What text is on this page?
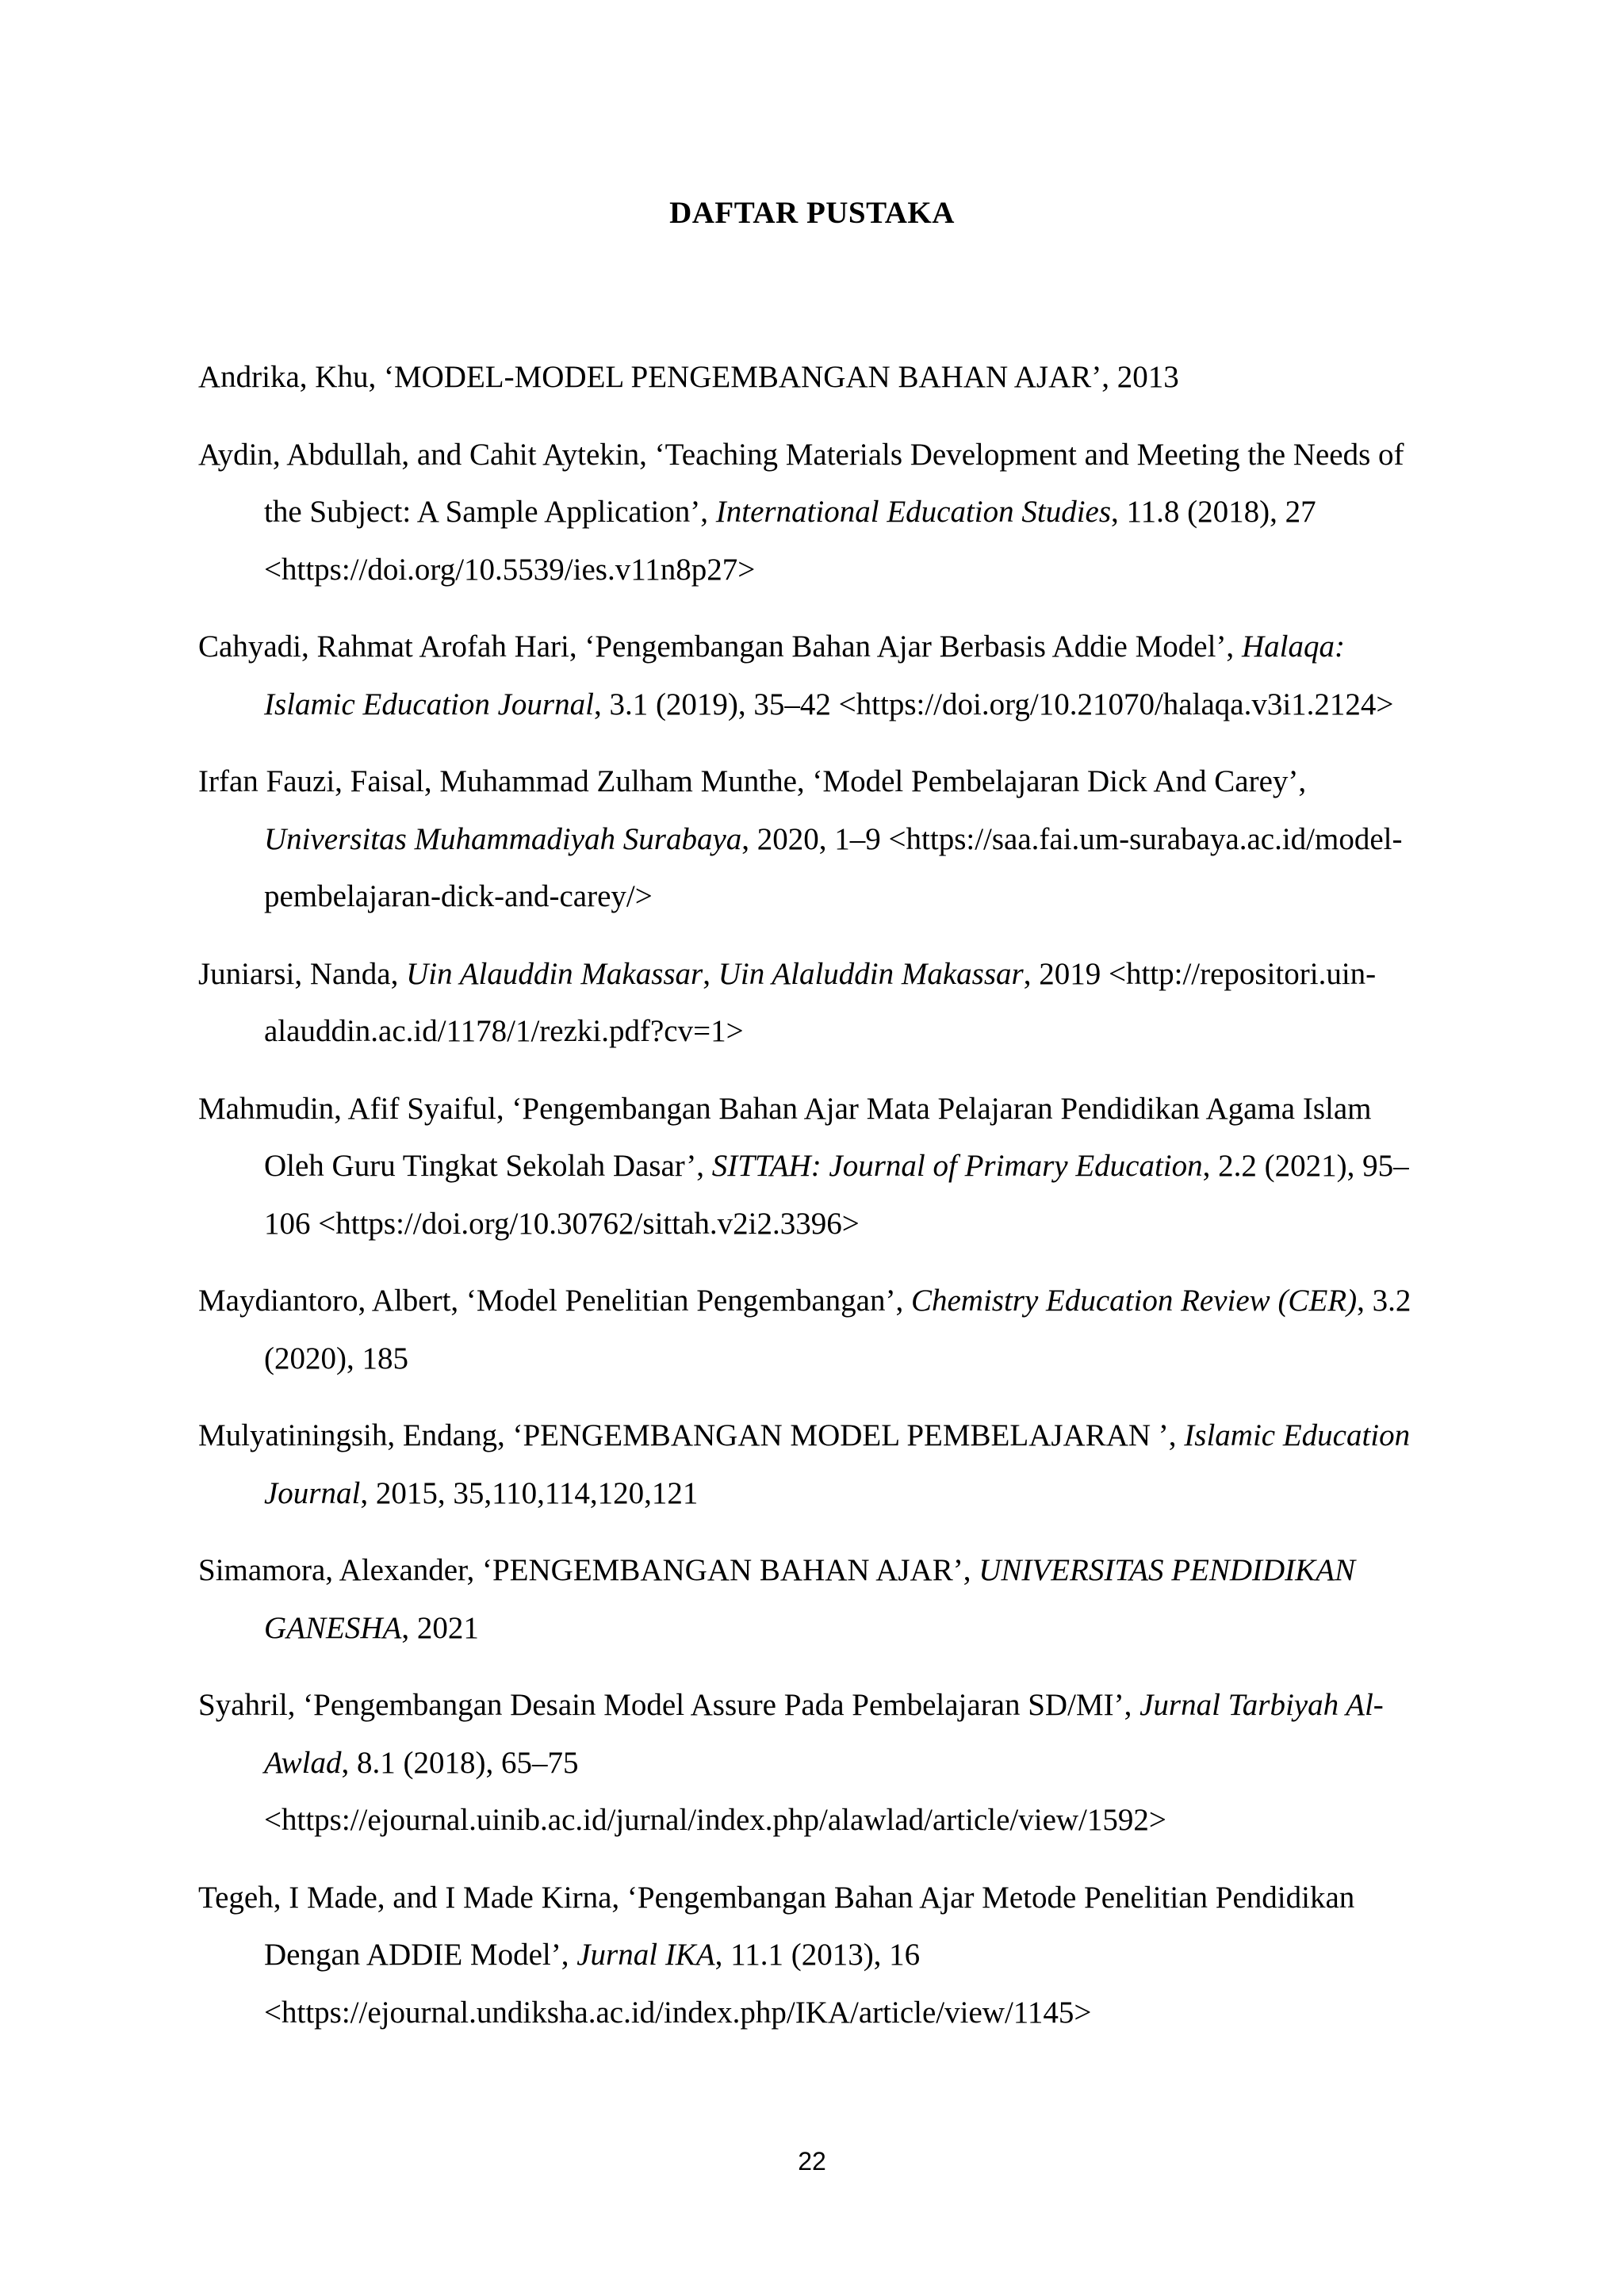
DAFTAR PUSTAKA

Andrika, Khu, ‘MODEL-MODEL PENGEMBANGAN BAHAN AJAR’, 2013

Aydin, Abdullah, and Cahit Aytekin, ‘Teaching Materials Development and Meeting the Needs of the Subject: A Sample Application’, International Education Studies, 11.8 (2018), 27 <https://doi.org/10.5539/ies.v11n8p27>

Cahyadi, Rahmat Arofah Hari, ‘Pengembangan Bahan Ajar Berbasis Addie Model’, Halaqa: Islamic Education Journal, 3.1 (2019), 35–42 <https://doi.org/10.21070/halaqa.v3i1.2124>

Irfan Fauzi, Faisal, Muhammad Zulham Munthe, ‘Model Pembelajaran Dick And Carey’, Universitas Muhammadiyah Surabaya, 2020, 1–9 <https://saa.fai.um-surabaya.ac.id/model-pembelajaran-dick-and-carey/>

Juniarsi, Nanda, Uin Alauddin Makassar, Uin Alaluddin Makassar, 2019 <http://repositori.uin-alauddin.ac.id/1178/1/rezki.pdf?cv=1>

Mahmudin, Afif Syaiful, ‘Pengembangan Bahan Ajar Mata Pelajaran Pendidikan Agama Islam Oleh Guru Tingkat Sekolah Dasar’, SITTAH: Journal of Primary Education, 2.2 (2021), 95–106 <https://doi.org/10.30762/sittah.v2i2.3396>

Maydiantoro, Albert, ‘Model Penelitian Pengembangan’, Chemistry Education Review (CER), 3.2 (2020), 185

Mulyatiningsih, Endang, ‘PENGEMBANGAN MODEL PEMBELAJARAN ’, Islamic Education Journal, 2015, 35,110,114,120,121

Simamora, Alexander, ‘PENGEMBANGAN BAHAN AJAR’, UNIVERSITAS PENDIDIKAN GANESHA, 2021

Syahril, ‘Pengembangan Desain Model Assure Pada Pembelajaran SD/MI’, Jurnal Tarbiyah Al-Awlad, 8.1 (2018), 65–75 <https://ejournal.uinib.ac.id/jurnal/index.php/alawlad/article/view/1592>

Tegeh, I Made, and I Made Kirna, ‘Pengembangan Bahan Ajar Metode Penelitian Pendidikan Dengan ADDIE Model’, Jurnal IKA, 11.1 (2013), 16 <https://ejournal.undiksha.ac.id/index.php/IKA/article/view/1145>

22
